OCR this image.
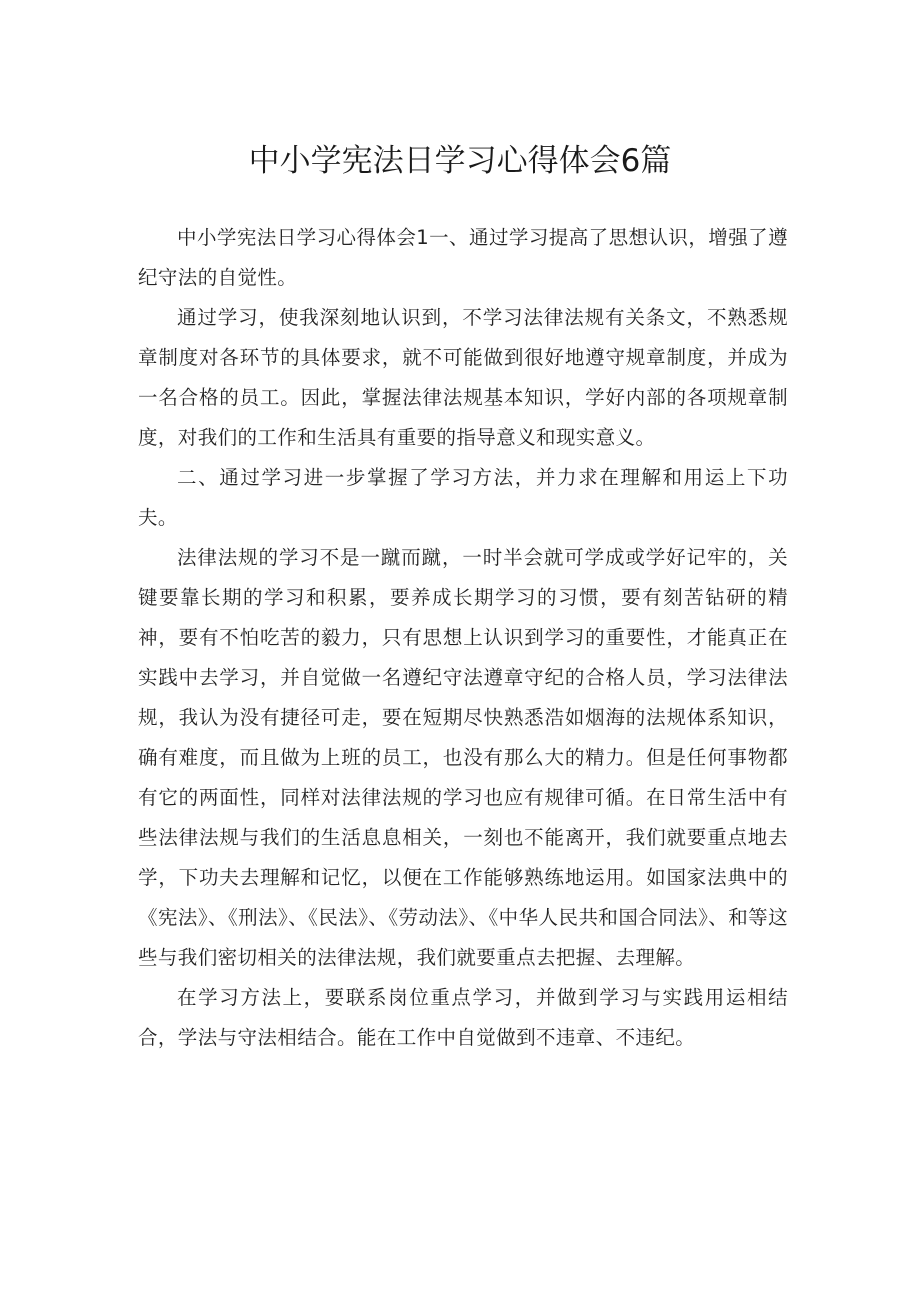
中小学宪法日学习心得体会6篇

中小学宪法日学习心得体会1一、通过学习提高了思想认识，增强了遵纪守法的自觉性。

通过学习，使我深刻地认识到，不学习法律法规有关条文，不熟悉规章制度对各环节的具体要求，就不可能做到很好地遵守规章制度，并成为一名合格的员工。因此，掌握法律法规基本知识，学好内部的各项规章制度，对我们的工作和生活具有重要的指导意义和现实意义。

二、通过学习进一步掌握了学习方法，并力求在理解和用运上下功夫。

法律法规的学习不是一蹴而蹴，一时半会就可学成或学好记牢的，关键要靠长期的学习和积累，要养成长期学习的习惯，要有刻苦钻研的精神，要有不怕吃苦的毅力，只有思想上认识到学习的重要性，才能真正在实践中去学习，并自觉做一名遵纪守法遵章守纪的合格人员，学习法律法规，我认为没有捷径可走，要在短期尽快熟悉浩如烟海的法规体系知识，确有难度，而且做为上班的员工，也没有那么大的精力。但是任何事物都有它的两面性，同样对法律法规的学习也应有规律可循。在日常生活中有些法律法规与我们的生活息息相关，一刻也不能离开，我们就要重点地去学，下功夫去理解和记忆，以便在工作能够熟练地运用。如国家法典中的《宪法》、《刑法》、《民法》、《劳动法》、《中华人民共和国合同法》、和等这些与我们密切相关的法律法规，我们就要重点去把握、去理解。

在学习方法上，要联系岗位重点学习，并做到学习与实践用运相结合，学法与守法相结合。能在工作中自觉做到不违章、不违纪。
